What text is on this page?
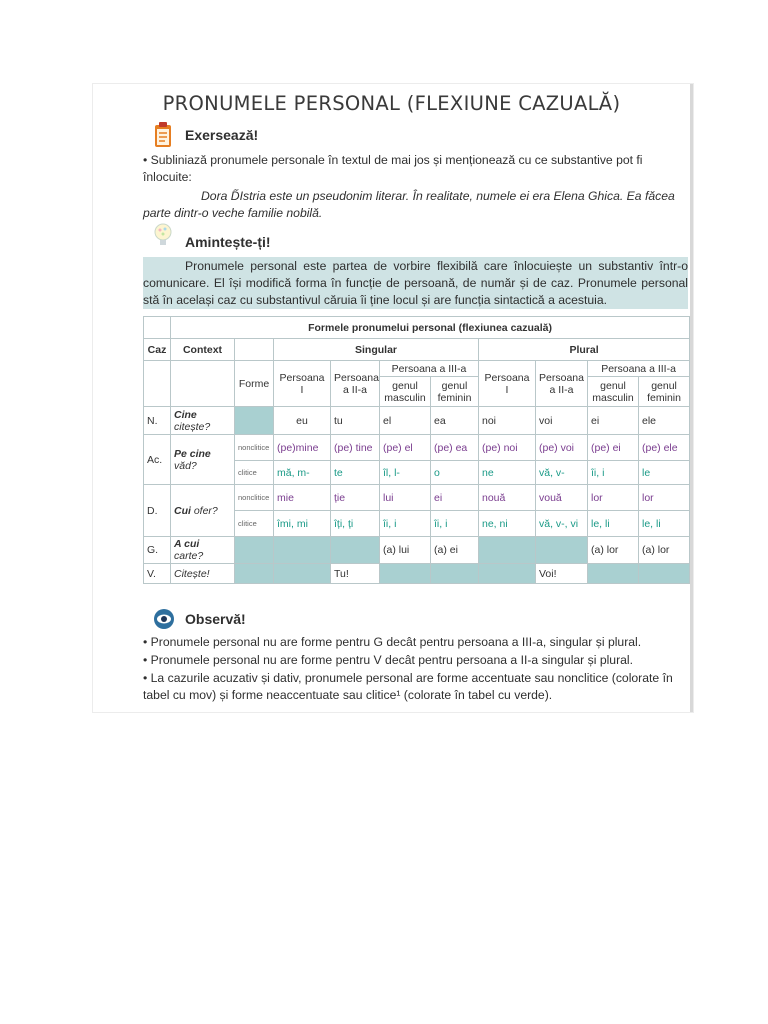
PRONUMELE PERSONAL (FLEXIUNE CAZUALĂ)
Exersează!
• Subliniază pronumele personale în textul de mai jos și menționează cu ce substantive pot fi înlocuite:
Dora D᷉Istria este un pseudonim literar. În realitate, numele ei era Elena Ghica. Ea făcea parte dintr-o veche familie nobilă.
Amintește-ți!
Pronumele personal este partea de vorbire flexibilă care înlocuiește un substantiv într-o comunicare. El își modifică forma în funcție de persoană, de număr și de caz. Pronumele personal stă în același caz cu substantivul căruia îi ține locul și are funcția sintactică a acestuia.
	Formele pronumelui personal (flexiunea cazuală)									
Caz	Context		Singular				Plural			
		Forme	Persoana I	Persoana a II-a	Persoana a III-a		Persoana I	Persoana a II-a	Persoana a III-a	
					genul masculin	genul feminin			genul masculin	genul feminin
N.	Cine citește?		eu	tu	el	ea	noi	voi	ei	ele
Ac.	Pe cine văd?	nonclitice	(pe)mine	(pe) tine	(pe) el	(pe) ea	(pe) noi	(pe) voi	(pe) ei	(pe) ele
		clitice	mă, m-	te	îl, l-	o	ne	vă, v-	îi, i	le
D.	Cui ofer?	nonclitice	mie	ție	lui	ei	nouă	vouă	lor	lor
		clitice	îmi, mi	îți, ți	îi, i	îi, i	ne, ni	vă, v-, vi	le, li	le, li
G.	A cui carte?				(a) lui	(a) ei			(a) lor	(a) lor
V.	Citește!			Tu!				Voi!		
Observă!
• Pronumele personal nu are forme pentru G decât pentru persoana a III-a, singular și plural.
• Pronumele personal nu are forme pentru V decât pentru persoana a II-a singular și plural.
• La cazurile acuzativ și dativ, pronumele personal are forme accentuate sau nonclitice (colorate în tabel cu mov) și forme neaccentuate sau clitice¹ (colorate în tabel cu verde).
